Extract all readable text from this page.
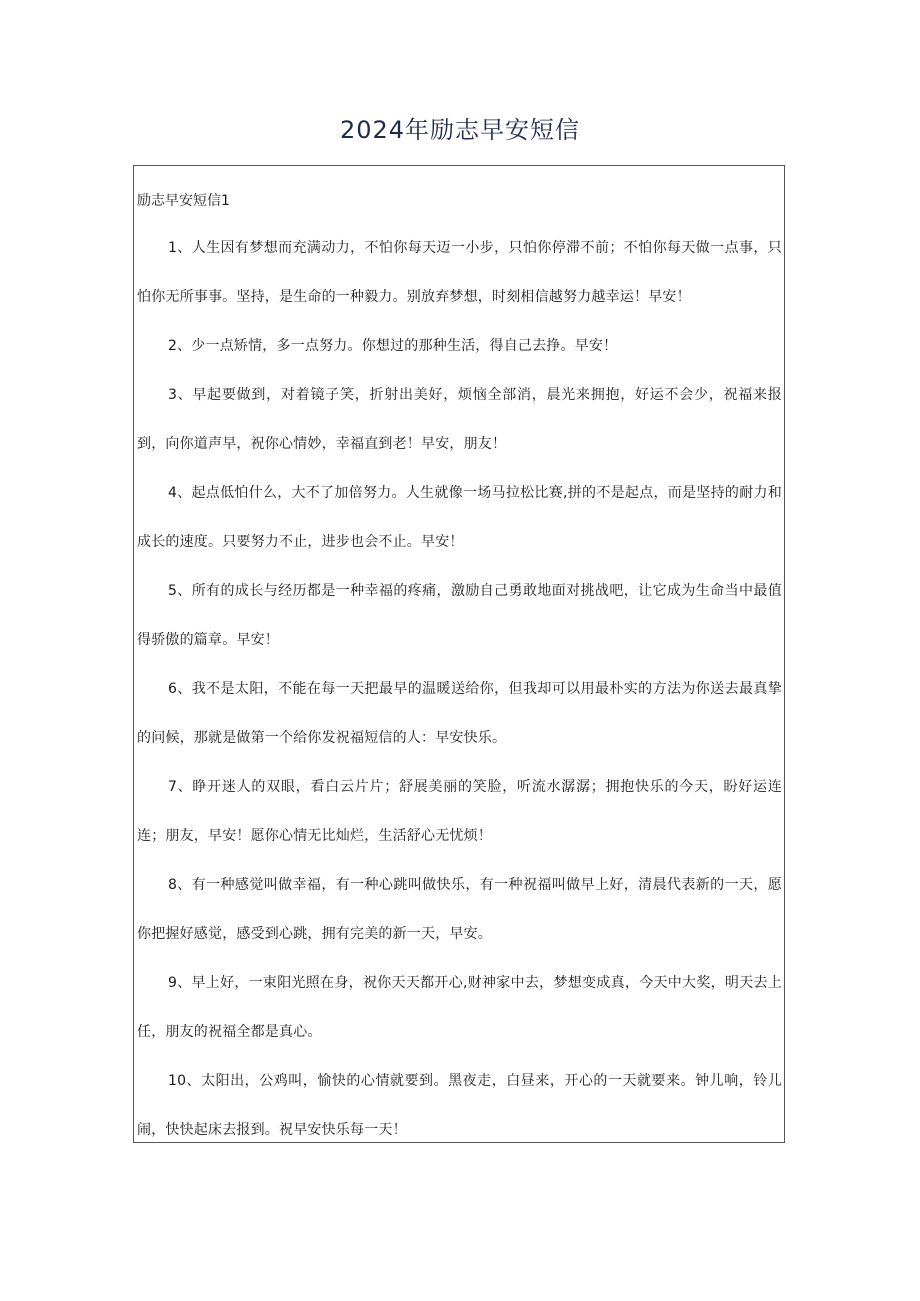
2024年励志早安短信
励志早安短信1

1、人生因有梦想而充满动力，不怕你每天迈一小步，只怕你停滞不前；不怕你每天做一点事，只怕你无所事事。坚持，是生命的一种毅力。别放弃梦想，时刻相信越努力越幸运！早安！

2、少一点矫情，多一点努力。你想过的那种生活，得自己去挣。早安！

3、早起要做到，对着镜子笑，折射出美好，烦恼全部消，晨光来拥抱，好运不会少，祝福来报到，向你道声早，祝你心情妙，幸福直到老！早安，朋友！

4、起点低怕什么，大不了加倍努力。人生就像一场马拉松比赛,拼的不是起点，而是坚持的耐力和成长的速度。只要努力不止，进步也会不止。早安！

5、所有的成长与经历都是一种幸福的疼痛，激励自己勇敢地面对挑战吧，让它成为生命当中最值得骄傲的篇章。早安！

6、我不是太阳，不能在每一天把最早的温暖送给你，但我却可以用最朴实的方法为你送去最真挚的问候，那就是做第一个给你发祝福短信的人：早安快乐。

7、睁开迷人的双眼，看白云片片；舒展美丽的笑脸，听流水潺潺；拥抱快乐的今天，盼好运连连；朋友，早安！愿你心情无比灿烂，生活舒心无忧烦！

8、有一种感觉叫做幸福，有一种心跳叫做快乐，有一种祝福叫做早上好，清晨代表新的一天，愿你把握好感觉，感受到心跳，拥有完美的新一天，早安。

9、早上好，一束阳光照在身，祝你天天都开心,财神家中去，梦想变成真，今天中大奖，明天去上任，朋友的祝福全都是真心。

10、太阳出，公鸡叫，愉快的心情就要到。黑夜走，白昼来，开心的一天就要来。钟儿响，铃儿闹，快快起床去报到。祝早安快乐每一天！
